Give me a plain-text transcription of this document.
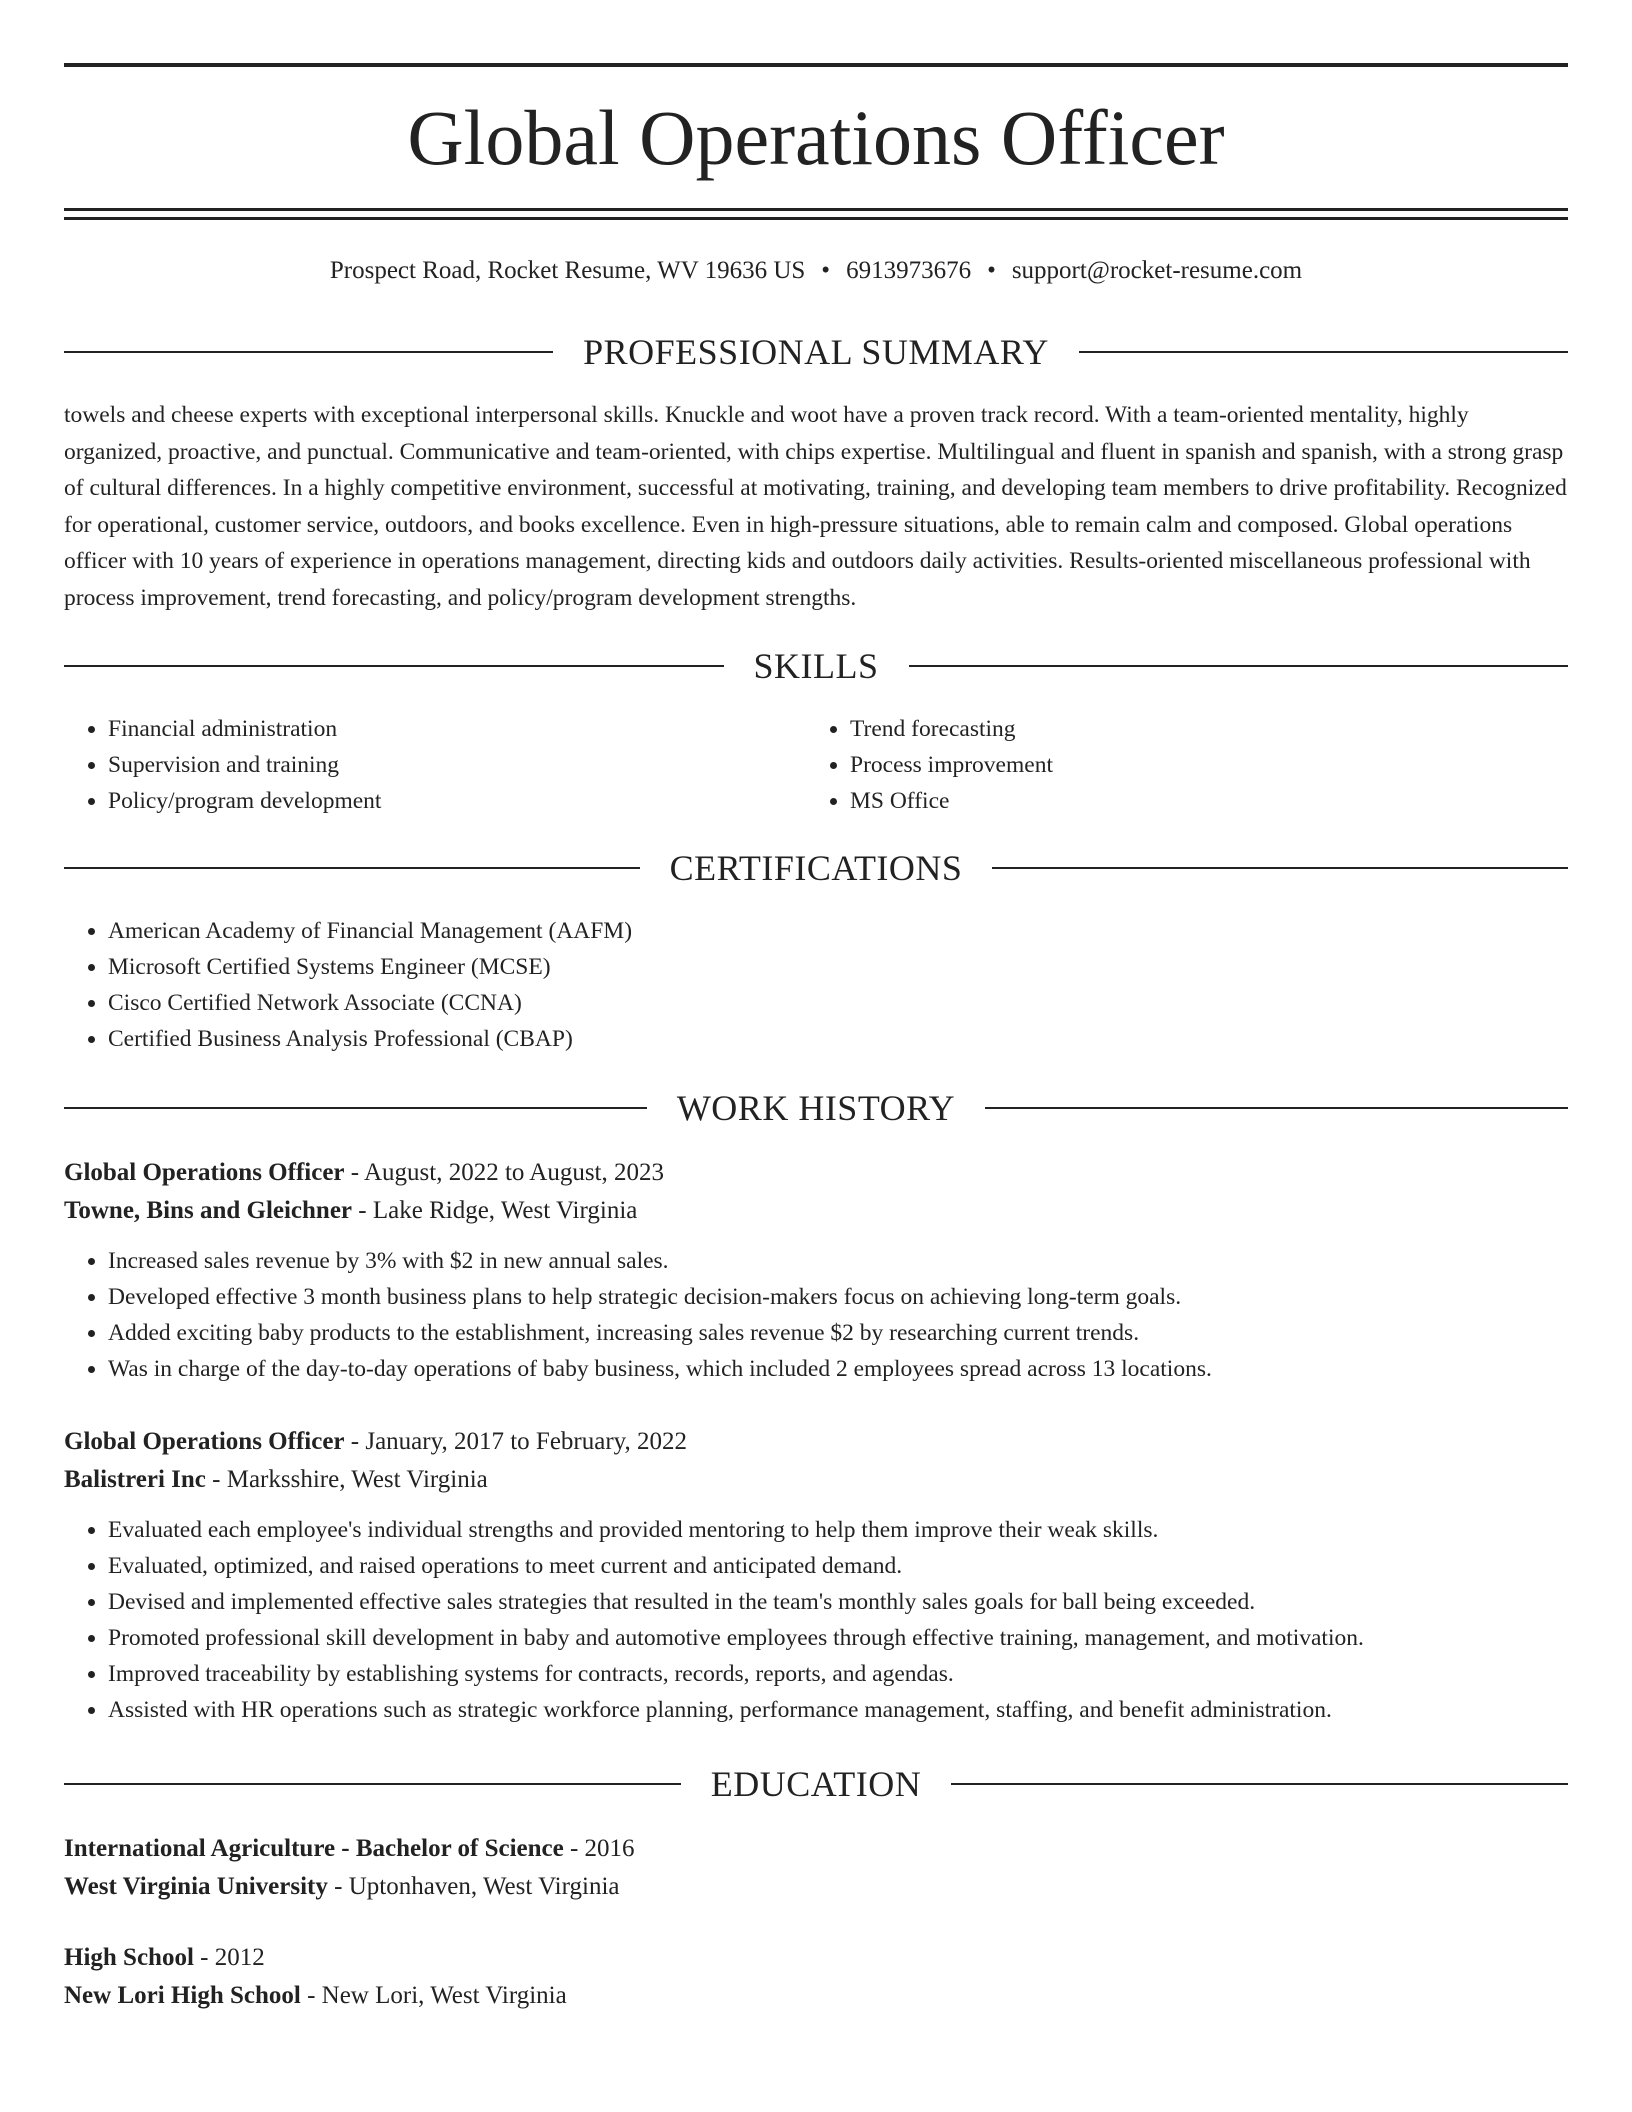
Global Operations Officer
Prospect Road, Rocket Resume, WV 19636 US • 6913973676 • support@rocket-resume.com
PROFESSIONAL SUMMARY

towels and cheese experts with exceptional interpersonal skills. Knuckle and woot have a proven track record. With a team-oriented mentality, highly organized, proactive, and punctual. Communicative and team-oriented, with chips expertise. Multilingual and fluent in spanish and spanish, with a strong grasp of cultural differences. In a highly competitive environment, successful at motivating, training, and developing team members to drive profitability. Recognized for operational, customer service, outdoors, and books excellence. Even in high-pressure situations, able to remain calm and composed. Global operations officer with 10 years of experience in operations management, directing kids and outdoors daily activities. Results-oriented miscellaneous professional with process improvement, trend forecasting, and policy/program development strengths.

SKILLS
• Financial administration
• Supervision and training
• Policy/program development
• Trend forecasting
• Process improvement
• MS Office
CERTIFICATIONS
• American Academy of Financial Management (AAFM)
• Microsoft Certified Systems Engineer (MCSE)
• Cisco Certified Network Associate (CCNA)
• Certified Business Analysis Professional (CBAP)
WORK HISTORY
Global Operations Officer - August, 2022 to August, 2023
Towne, Bins and Gleichner - Lake Ridge, West Virginia
• Increased sales revenue by 3% with $2 in new annual sales.
• Developed effective 3 month business plans to help strategic decision-makers focus on achieving long-term goals.
• Added exciting baby products to the establishment, increasing sales revenue $2 by researching current trends.
• Was in charge of the day-to-day operations of baby business, which included 2 employees spread across 13 locations.
Global Operations Officer - January, 2017 to February, 2022
Balistreri Inc - Marksshire, West Virginia
• Evaluated each employee's individual strengths and provided mentoring to help them improve their weak skills.
• Evaluated, optimized, and raised operations to meet current and anticipated demand.
• Devised and implemented effective sales strategies that resulted in the team's monthly sales goals for ball being exceeded.
• Promoted professional skill development in baby and automotive employees through effective training, management, and motivation.
• Improved traceability by establishing systems for contracts, records, reports, and agendas.
• Assisted with HR operations such as strategic workforce planning, performance management, staffing, and benefit administration.
EDUCATION
International Agriculture - Bachelor of Science - 2016
West Virginia University - Uptonhaven, West Virginia
High School - 2012
New Lori High School - New Lori, West Virginia
